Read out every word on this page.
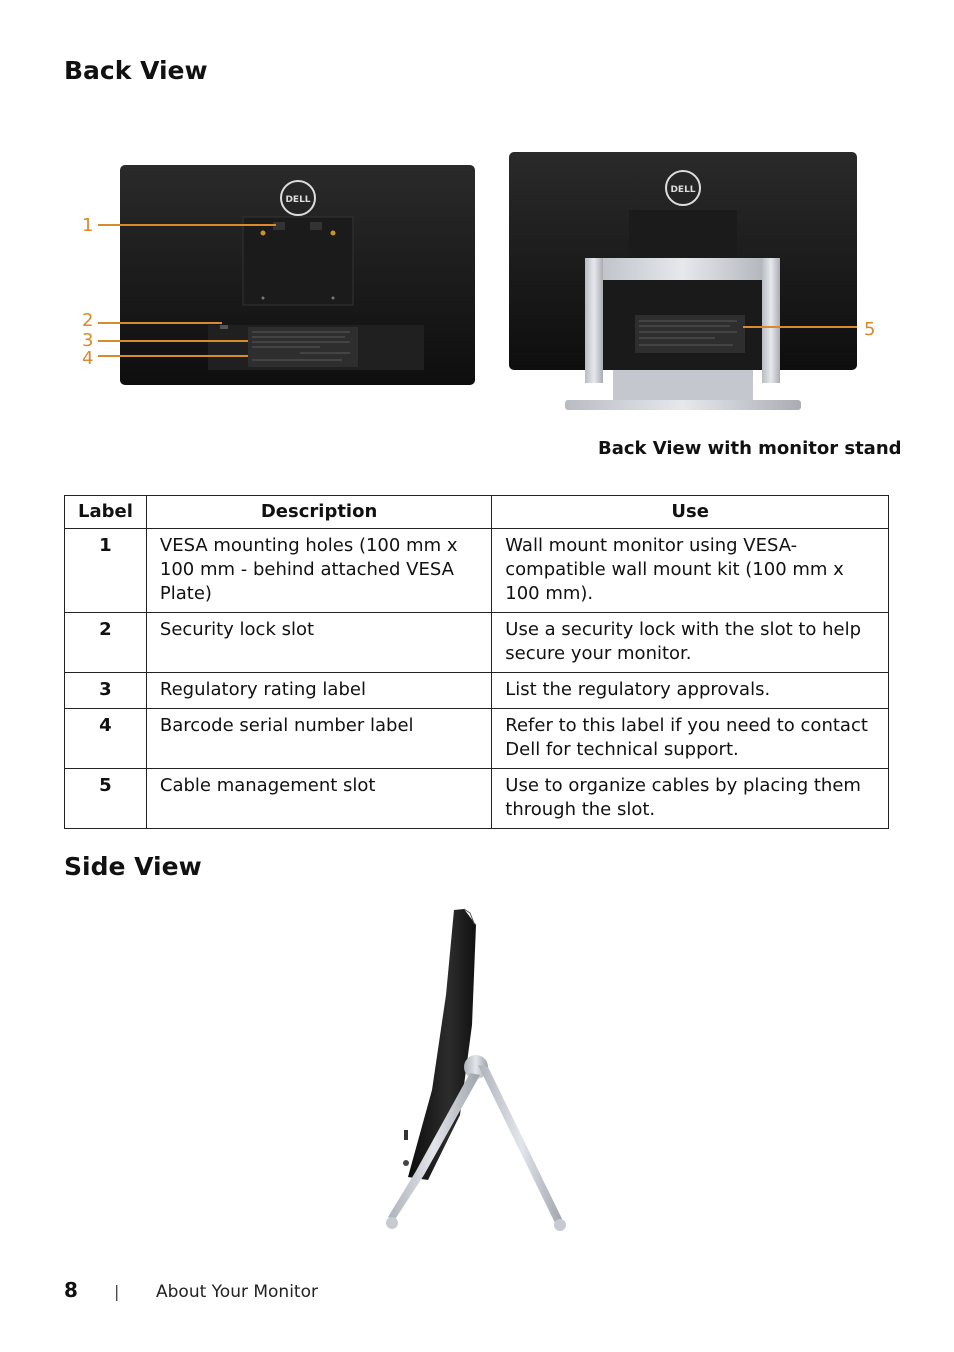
Back View
DELL
1
2
3
4
DELL
5
Back View with monitor stand
Label	Description	Use
1	VESA mounting holes (100 mm x 100 mm - behind attached VESA Plate)	Wall mount monitor using VESA-compatible wall mount kit (100 mm x 100 mm).
2	Security lock slot	Use a security lock with the slot to help secure your monitor.
3	Regulatory rating label	List the regulatory approvals.
4	Barcode serial number label	Refer to this label if you need to contact Dell for technical support.
5	Cable management slot	Use to organize cables by placing them through the slot.
Side View
8 | About Your Monitor
